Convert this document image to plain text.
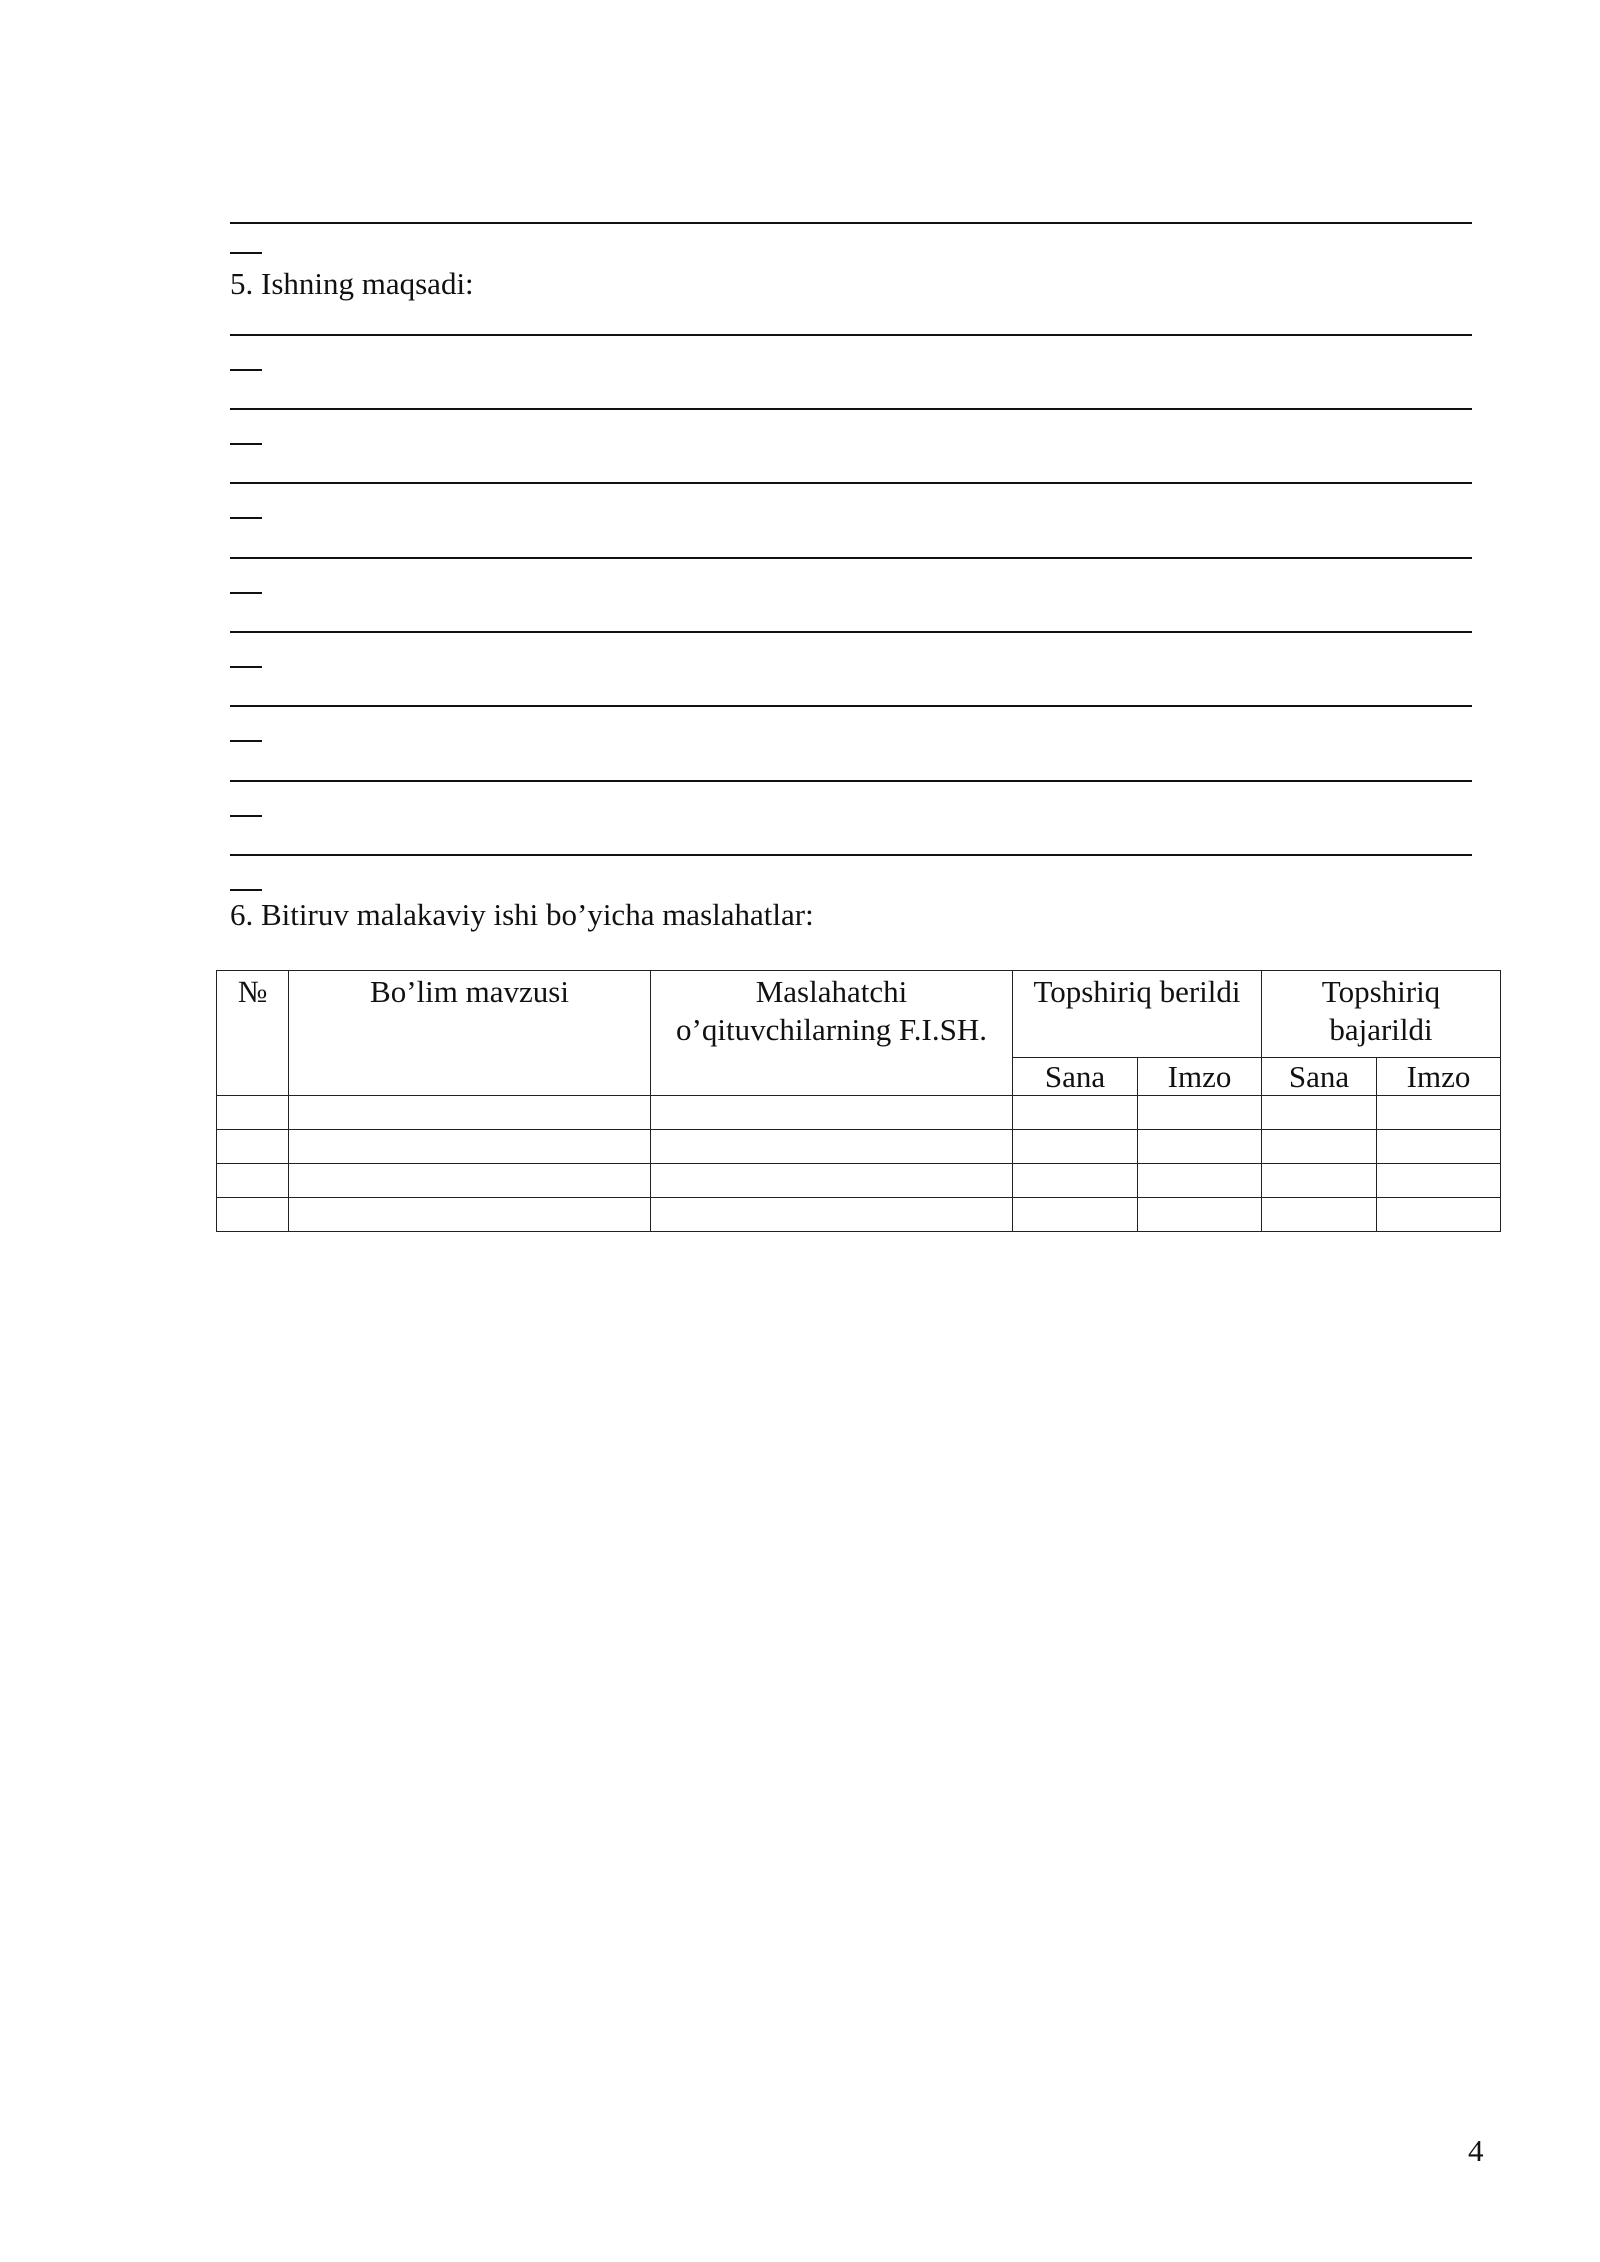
5. Ishning maqsadi:
6. Bitiruv malakaviy ishi bo’yicha maslahatlar:
№	Bo’lim mavzusi	Maslahatchi o’qituvchilarning F.I.SH.	Topshiriq berildi		Topshiriq bajarildi	
			Sana	Imzo	Sana	Imzo

4
